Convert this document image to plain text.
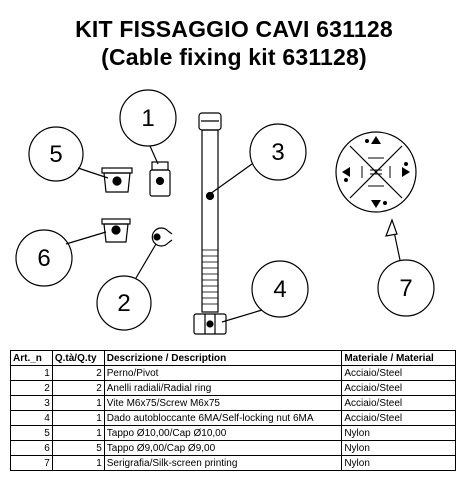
KIT FISSAGGIO CAVI 631128
(Cable fixing kit 631128)
1
5
6
2
3
4	7
Art._n	Q.tà/Q.ty	Descrizione / Description	Materiale / Material
1	2	Perno/Pivot	Acciaio/Steel
2	2	Anelli radiali/Radial ring	Acciaio/Steel
3	1	Vite M6x75/Screw M6x75	Acciaio/Steel
4	1	Dado autobloccante 6MA/Self-locking nut 6MA	Acciaio/Steel
5	1	Tappo Ø10,00/Cap Ø10,00	Nylon
6	5	Tappo Ø9,00/Cap Ø9,00	Nylon
7	1	Serigrafia/Silk-screen printing	Nylon
